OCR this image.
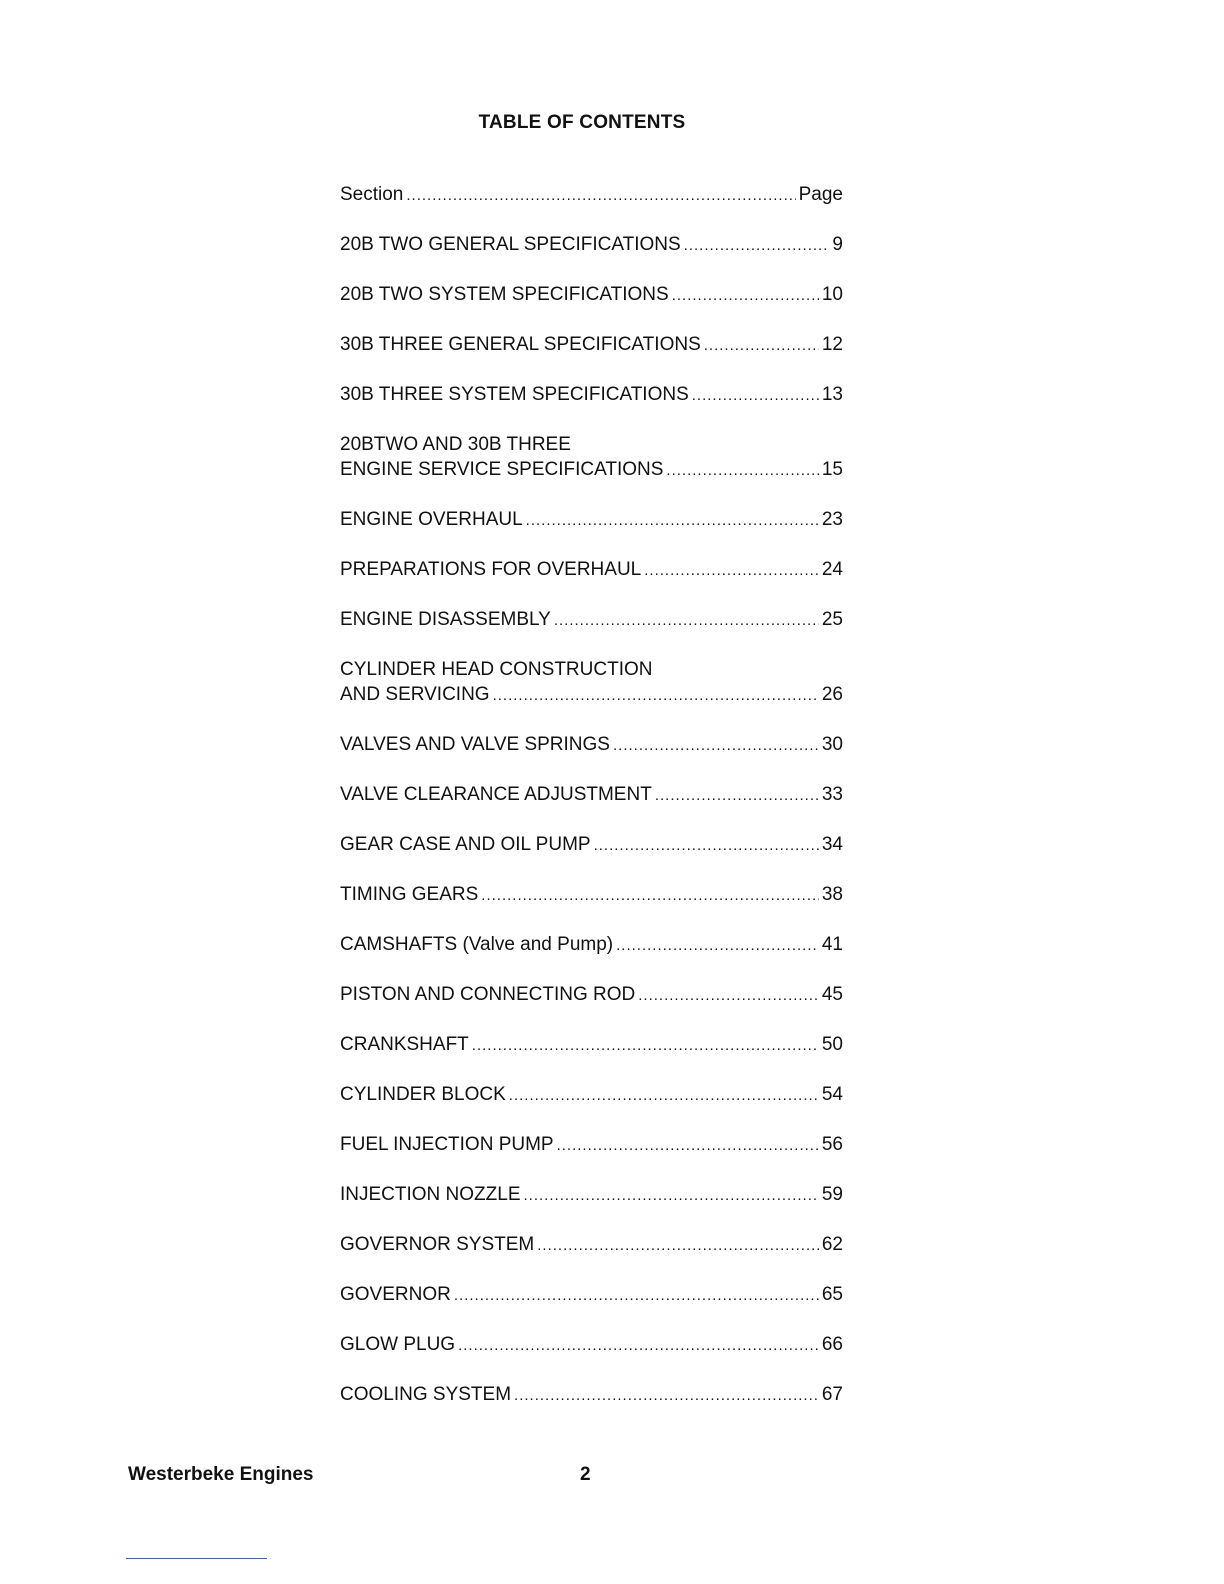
TABLE OF CONTENTS
Section .....	Page
20B TWO GENERAL SPECIFICATIONS .....	9
20B TWO SYSTEM SPECIFICATIONS .....	10
30B THREE GENERAL SPECIFICATIONS .....	12
30B THREE SYSTEM SPECIFICATIONS .....	13
20BTWO AND 30B THREE
ENGINE SERVICE SPECIFICATIONS .....	15
ENGINE OVERHAUL .....	23
PREPARATIONS FOR OVERHAUL .....	24
ENGINE DISASSEMBLY .....	25
CYLINDER HEAD CONSTRUCTION
AND SERVICING .....	26
VALVES AND VALVE SPRINGS .....	30
VALVE CLEARANCE ADJUSTMENT .....	33
GEAR CASE AND OIL PUMP .....	34
TIMING GEARS .....	38
CAMSHAFTS (Valve and Pump) .....	41
PISTON AND CONNECTING ROD .....	45
CRANKSHAFT .....	50
CYLINDER BLOCK .....	54
FUEL INJECTION PUMP .....	56
INJECTION NOZZLE .....	59
GOVERNOR SYSTEM .....	62
GOVERNOR .....	65
GLOW PLUG .....	66
COOLING SYSTEM .....	67
Westerbeke Engines	2
